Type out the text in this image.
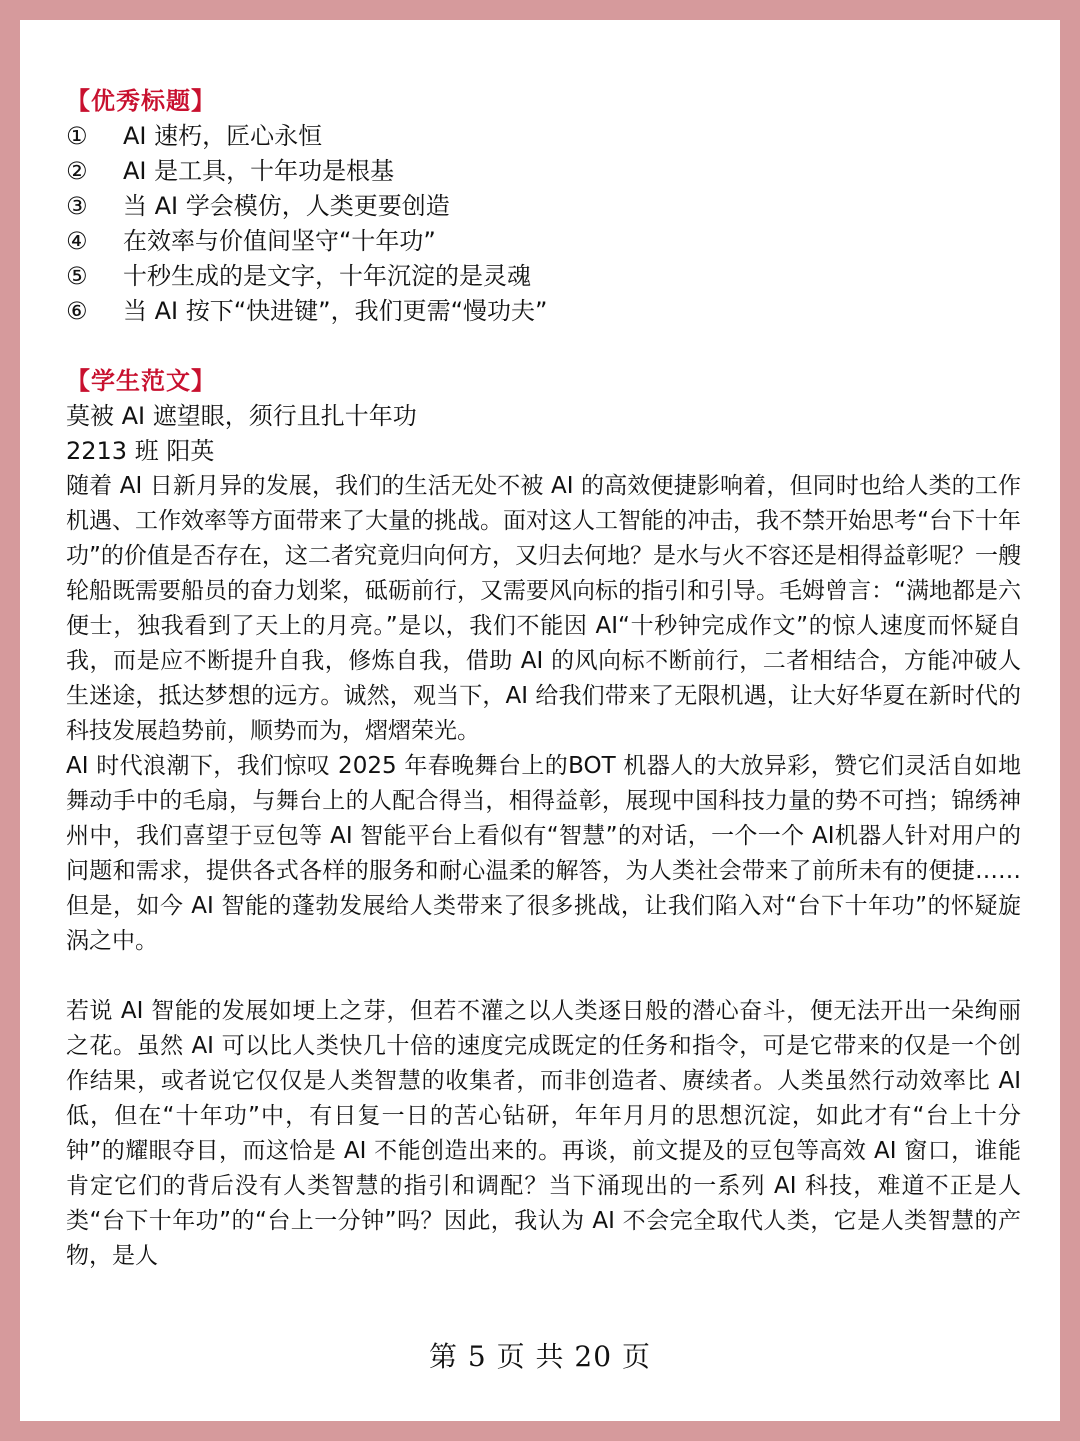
【优秀标题】
①	AI 速朽，匠心永恒
②	AI 是工具，十年功是根基
③	当 AI 学会模仿，人类更要创造
④	在效率与价值间坚守“十年功”
⑤	十秒生成的是文字，十年沉淀的是灵魂
⑥	当 AI 按下“快进键”，我们更需“慢功夫”
【学生范文】
莫被 AI 遮望眼，须行且扎十年功
2213 班 阳英

随着 AI 日新月异的发展，我们的生活无处不被 AI 的高效便捷影响着，但同时也给人类的工作机遇、工作效率等方面带来了大量的挑战。面对这人工智能的冲击，我不禁开始思考“台下十年功”的价值是否存在，这二者究竟归向何方，又归去何地？是水与火不容还是相得益彰呢？一艘轮船既需要船员的奋力划桨，砥砺前行，又需要风向标的指引和引导。毛姆曾言：“满地都是六便士，独我看到了天上的月亮。”是以，我们不能因 AI“十秒钟完成作文”的惊人速度而怀疑自我，而是应不断提升自我，修炼自我，借助 AI 的风向标不断前行，二者相结合，方能冲破人生迷途，抵达梦想的远方。诚然，观当下，AI 给我们带来了无限机遇，让大好华夏在新时代的科技发展趋势前，顺势而为，熠熠荣光。

AI 时代浪潮下，我们惊叹 2025 年春晚舞台上的BOT 机器人的大放异彩，赞它们灵活自如地舞动手中的毛扇，与舞台上的人配合得当，相得益彰，展现中国科技力量的势不可挡；锦绣神州中，我们喜望于豆包等 AI 智能平台上看似有“智慧”的对话，一个一个 AI机器人针对用户的问题和需求，提供各式各样的服务和耐心温柔的解答，为人类社会带来了前所未有的便捷……但是，如今 AI 智能的蓬勃发展给人类带来了很多挑战，让我们陷入对“台下十年功”的怀疑旋涡之中。

若说 AI 智能的发展如埂上之芽，但若不灌之以人类逐日般的潜心奋斗，便无法开出一朵绚丽之花。虽然 AI 可以比人类快几十倍的速度完成既定的任务和指令，可是它带来的仅是一个创作结果，或者说它仅仅是人类智慧的收集者，而非创造者、赓续者。人类虽然行动效率比 AI 低，但在“十年功”中，有日复一日的苦心钻研，年年月月的思想沉淀，如此才有“台上十分钟”的耀眼夺目，而这恰是 AI 不能创造出来的。再谈，前文提及的豆包等高效 AI 窗口，谁能肯定它们的背后没有人类智慧的指引和调配？当下涌现出的一系列 AI 科技，难道不正是人类“台下十年功”的“台上一分钟”吗？因此，我认为 AI 不会完全取代人类，它是人类智慧的产物，是人

第 5 页 共 20 页
